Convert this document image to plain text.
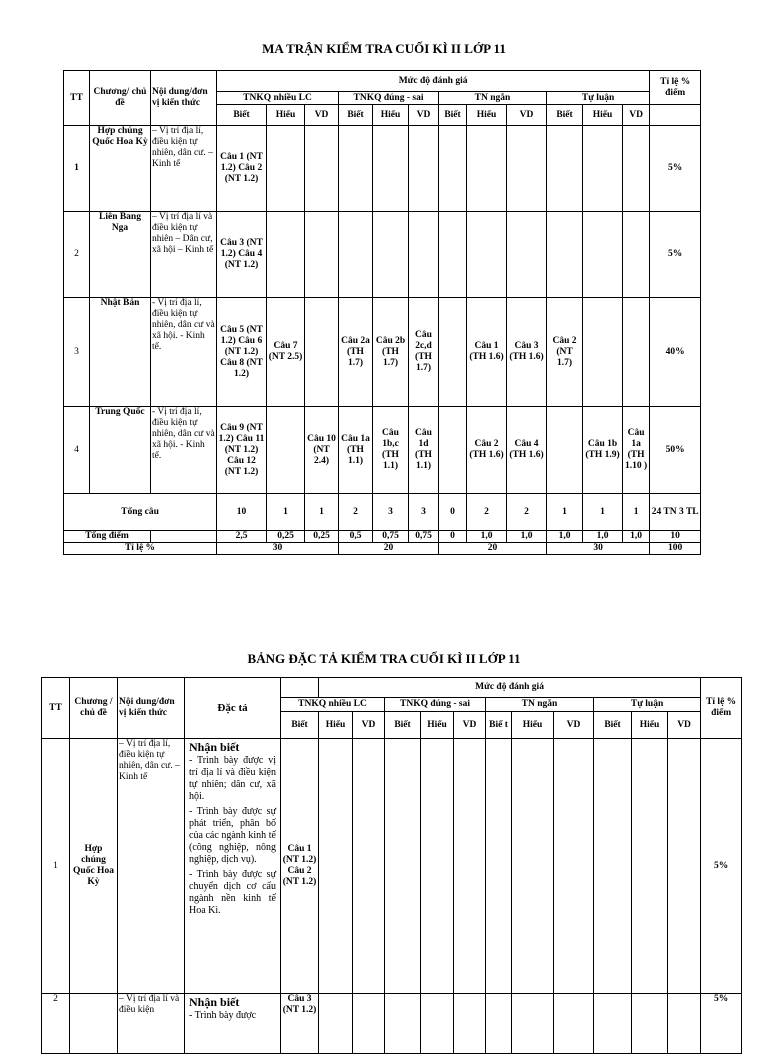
MA TRẬN KIỂM TRA CUỐI KÌ II LỚP 11
TT	Chương/ chủ đề	Nội dung/đơn vị kiến thức	Mức độ đánh giá												Tỉ lệ % điểm
			TNKQ nhiều LC			TNKQ đúng - sai			TN ngắn			Tự luận			
			Biết	Hiểu	VD	Biết	Hiểu	VD	Biết	Hiểu	VD	Biết	Hiểu	VD	
1	Hợp chúng Quốc Hoa Kỳ	– Vị trí địa lí, điều kiện tự nhiên, dân cư. – Kinh tế	Câu 1 (NT 1.2) Câu 2 (NT 1.2)												5%
2	Liên Bang Nga	– Vị trí địa lí và điều kiện tự nhiên – Dân cư, xã hội – Kinh tế	Câu 3 (NT 1.2) Câu 4 (NT 1.2)												5%
3	Nhật Bản	- Vị trí địa lí, điều kiện tự nhiên, dân cư và xã hội. - Kinh tế.	Câu 5 (NT 1.2) Câu 6 (NT 1.2) Câu 8 (NT 1.2)	Câu 7 (NT 2.5)		Câu 2a (TH 1.7)	Câu 2b (TH 1.7)	Câu 2c,d (TH 1.7)		Câu 1 (TH 1.6)	Câu 3 (TH 1.6)	Câu 2 (NT 1.7)			40%
4	Trung Quốc	- Vị trí địa lí, điều kiện tự nhiên, dân cư và xã hội. - Kinh tế.	Câu 9 (NT 1.2) Câu 11 (NT 1.2) Câu 12 (NT 1.2)		Câu 10 (NT 2.4)	Câu 1a (TH 1.1)	Câu 1b,c (TH 1.1)	Câu 1d (TH 1.1)		Câu 2 (TH 1.6)	Câu 4 (TH 1.6)		Câu 1b (TH 1.9)	Câu 1a (TH 1.10 )	50%
Tổng câu			10	1	1	2	3	3	0	2	2	1	1	1	24 TN 3 TL
Tổng điểm			2,5	0,25	0,25	0,5	0,75	0,75	0	1,0	1,0	1,0	1,0	1,0	10
Tỉ lệ %			30			20			20			30			100
BẢNG ĐẶC TẢ KIỂM TRA CUỐI KÌ II LỚP 11
TT	Chương / chủ đề	Nội dung/đơn vị kiến thức	Đặc tả		Mức độ đánh giá											Tỉ lệ % điểm
				TNKQ nhiều LC			TNKQ đúng - sai			TN ngắn			Tự luận			
				Biết	Hiểu	VD	Biết	Hiểu	VD	Biế t	Hiểu	VD	Biết	Hiểu	VD	
1	Hợp chúng Quốc Hoa Kỳ	– Vị trí địa lí, điều kiện tự nhiên, dân cư. – Kinh tế	Nhận biết

- Trình bày được vị trí địa lí và điều kiện tự nhiên; dân cư, xã hội.

- Trình bày được sự phát triển, phân bố của các ngành kinh tế (công nghiệp, nông nghiệp, dịch vụ).

- Trình bày được sự chuyển dịch cơ cấu ngành nền kinh tế Hoa Kì.	Câu 1 (NT 1.2) Câu 2 (NT 1.2)												5%
2		– Vị trí địa lí và điều kiện	Nhận biết

- Trình bày được	Câu 3 (NT 1.2)												5%
